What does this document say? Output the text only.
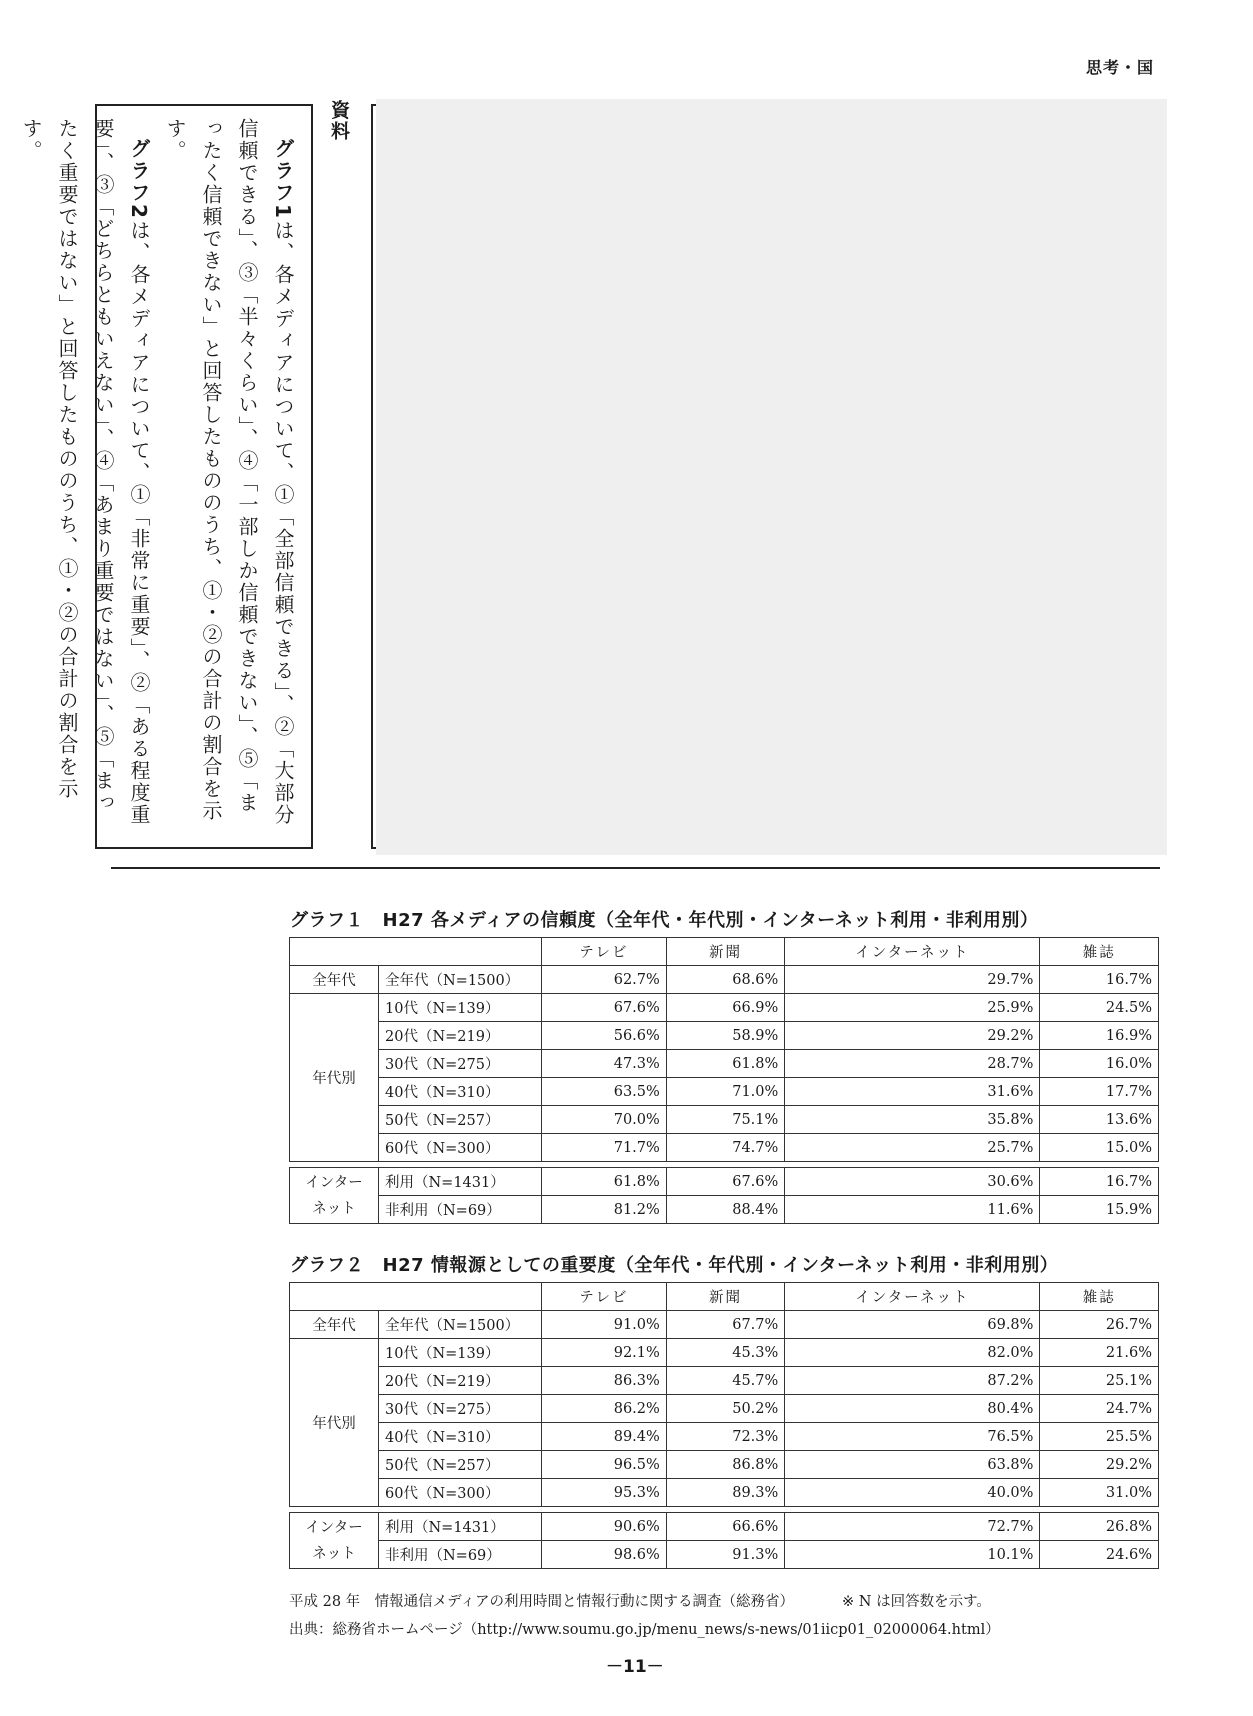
思考・国

グラフ1は、各メディアについて、①「全部信頼できる」、②「大部分信頼できる」、③「半々くらい」、④「一部しか信頼できない」、⑤「まったく信頼できない」と回答したもののうち、①・②の合計の割合を示す。

グラフ2は、各メディアについて、①「非常に重要」、②「ある程度重要」、③「どちらともいえない」、④「あまり重要ではない」、⑤「まったく重要ではない」と回答したもののうち、①・②の合計の割合を示す。	資料
グラフ１　H27 各メディアの信頼度（全年代・年代別・インターネット利用・非利用別）
		テレビ	新聞	インターネット	雑誌
全年代	全年代（N=1500）	62.7%	68.6%	29.7%	16.7%
年代別	10代（N=139）	67.6%	66.9%	25.9%	24.5%
	20代（N=219）	56.6%	58.9%	29.2%	16.9%
	30代（N=275）	47.3%	61.8%	28.7%	16.0%
	40代（N=310）	63.5%	71.0%	31.6%	17.7%
	50代（N=257）	70.0%	75.1%	35.8%	13.6%
	60代（N=300）	71.7%	74.7%	25.7%	15.0%

インター
ネット	利用（N=1431）	61.8%	67.6%	30.6%	16.7%
	非利用（N=69）	81.2%	88.4%	11.6%	15.9%
グラフ２　H27 情報源としての重要度（全年代・年代別・インターネット利用・非利用別）
		テレビ	新聞	インターネット	雑誌
全年代	全年代（N=1500）	91.0%	67.7%	69.8%	26.7%
年代別	10代（N=139）	92.1%	45.3%	82.0%	21.6%
	20代（N=219）	86.3%	45.7%	87.2%	25.1%
	30代（N=275）	86.2%	50.2%	80.4%	24.7%
	40代（N=310）	89.4%	72.3%	76.5%	25.5%
	50代（N=257）	96.5%	86.8%	63.8%	29.2%
	60代（N=300）	95.3%	89.3%	40.0%	31.0%

インター
ネット	利用（N=1431）	90.6%	66.6%	72.7%	26.8%
	非利用（N=69）	98.6%	91.3%	10.1%	24.6%
平成 28 年　情報通信メディアの利用時間と情報行動に関する調査（総務省）	※ N は回答数を示す。
出典：総務省ホームページ（http://www.soumu.go.jp/menu_news/s-news/01iicp01_02000064.html）
－11－
